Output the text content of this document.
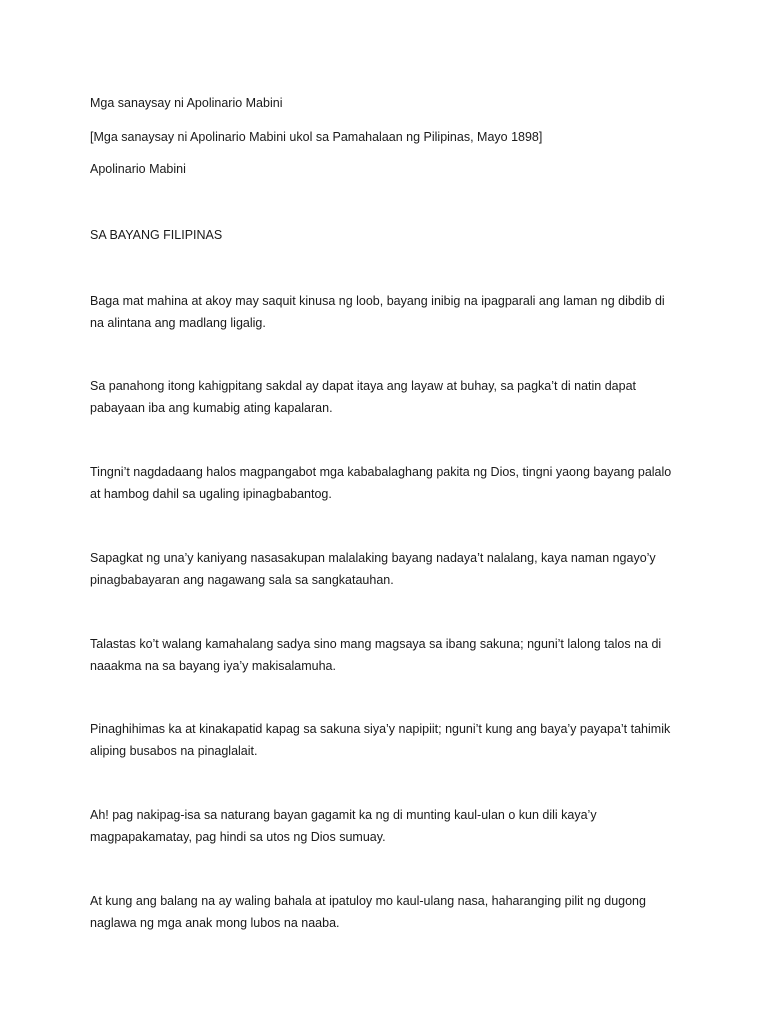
Mga sanaysay ni Apolinario Mabini

[Mga sanaysay ni Apolinario Mabini ukol sa Pamahalaan ng Pilipinas, Mayo 1898]

Apolinario Mabini

SA BAYANG FILIPINAS

Baga mat mahina at akoy may saquit kinusa ng loob, bayang inibig na ipagparali ang laman ng dibdib di
na alintana ang madlang ligalig.
Sa panahong itong kahigpitang sakdal ay dapat itaya ang layaw at buhay, sa pagka’t di natin dapat
pabayaan iba ang kumabig ating kapalaran.
Tingni’t nagdadaang halos magpangabot mga kababalaghang pakita ng Dios, tingni yaong bayang palalo
at hambog dahil sa ugaling ipinagbabantog.
Sapagkat ng una’y kaniyang nasasakupan malalaking bayang nadaya’t nalalang, kaya naman ngayo’y
pinagbabayaran ang nagawang sala sa sangkatauhan.
Talastas ko’t walang kamahalang sadya sino mang magsaya sa ibang sakuna; nguni’t lalong talos na di
naaakma na sa bayang iya’y makisalamuha.
Pinaghihimas ka at kinakapatid kapag sa sakuna siya’y napipiit; nguni’t kung ang baya’y payapa’t tahimik
aliping busabos na pinaglalait.
Ah! pag nakipag-isa sa naturang bayan gagamit ka ng di munting kaul-ulan o kun dili kaya’y
magpapakamatay, pag hindi sa utos ng Dios sumuay.
At kung ang balang na ay waling bahala at ipatuloy mo kaul-ulang nasa, haharanging pilit ng dugong
naglawa ng mga anak mong lubos na naaba.
